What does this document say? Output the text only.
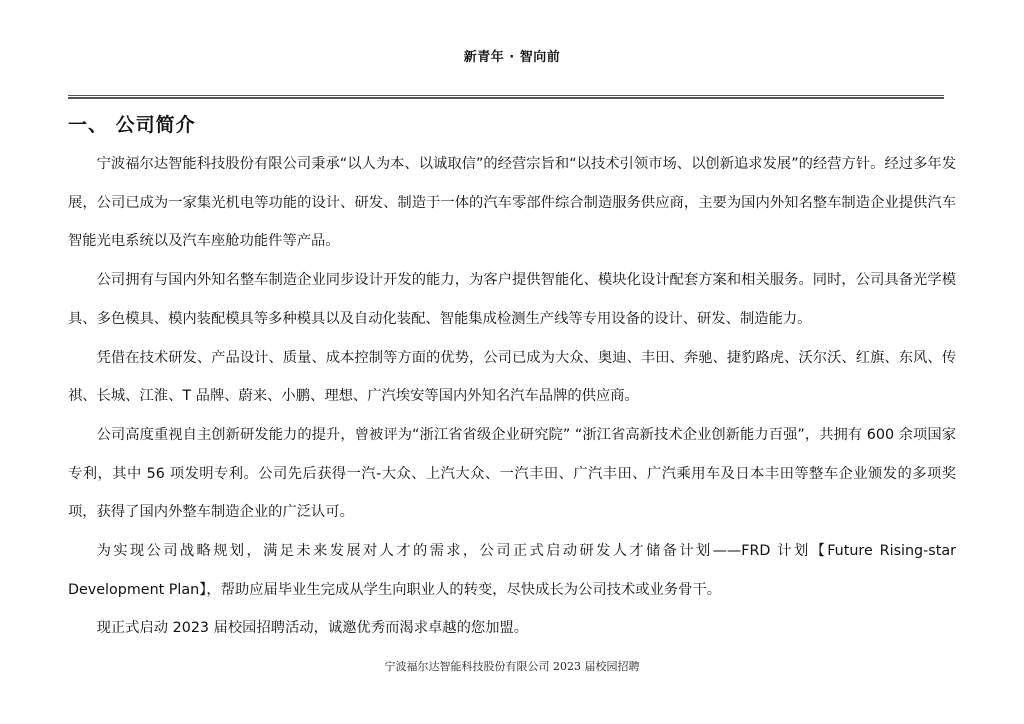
新青年 · 智向前
一、 公司简介

宁波福尔达智能科技股份有限公司秉承“以人为本、以诚取信”的经营宗旨和“以技术引领市场、以创新追求发展”的经营方针。经过多年发展，公司已成为一家集光机电等功能的设计、研发、制造于一体的汽车零部件综合制造服务供应商，主要为国内外知名整车制造企业提供汽车智能光电系统以及汽车座舱功能件等产品。

公司拥有与国内外知名整车制造企业同步设计开发的能力，为客户提供智能化、模块化设计配套方案和相关服务。同时，公司具备光学模具、多色模具、模内装配模具等多种模具以及自动化装配、智能集成检测生产线等专用设备的设计、研发、制造能力。

凭借在技术研发、产品设计、质量、成本控制等方面的优势，公司已成为大众、奥迪、丰田、奔驰、捷豹路虎、沃尔沃、红旗、东风、传祺、长城、江淮、T 品牌、蔚来、小鹏、理想、广汽埃安等国内外知名汽车品牌的供应商。

公司高度重视自主创新研发能力的提升，曾被评为“浙江省省级企业研究院” “浙江省高新技术企业创新能力百强”，共拥有 600 余项国家专利，其中 56 项发明专利。公司先后获得一汽-大众、上汽大众、一汽丰田、广汽丰田、广汽乘用车及日本丰田等整车企业颁发的多项奖项，获得了国内外整车制造企业的广泛认可。

为实现公司战略规划，满足未来发展对人才的需求，公司正式启动研发人才储备计划——FRD 计划【Future Rising-star Development Plan】，帮助应届毕业生完成从学生向职业人的转变，尽快成长为公司技术或业务骨干。

现正式启动 2023 届校园招聘活动，诚邀优秀而渴求卓越的您加盟。

宁波福尔达智能科技股份有限公司 2023 届校园招聘
